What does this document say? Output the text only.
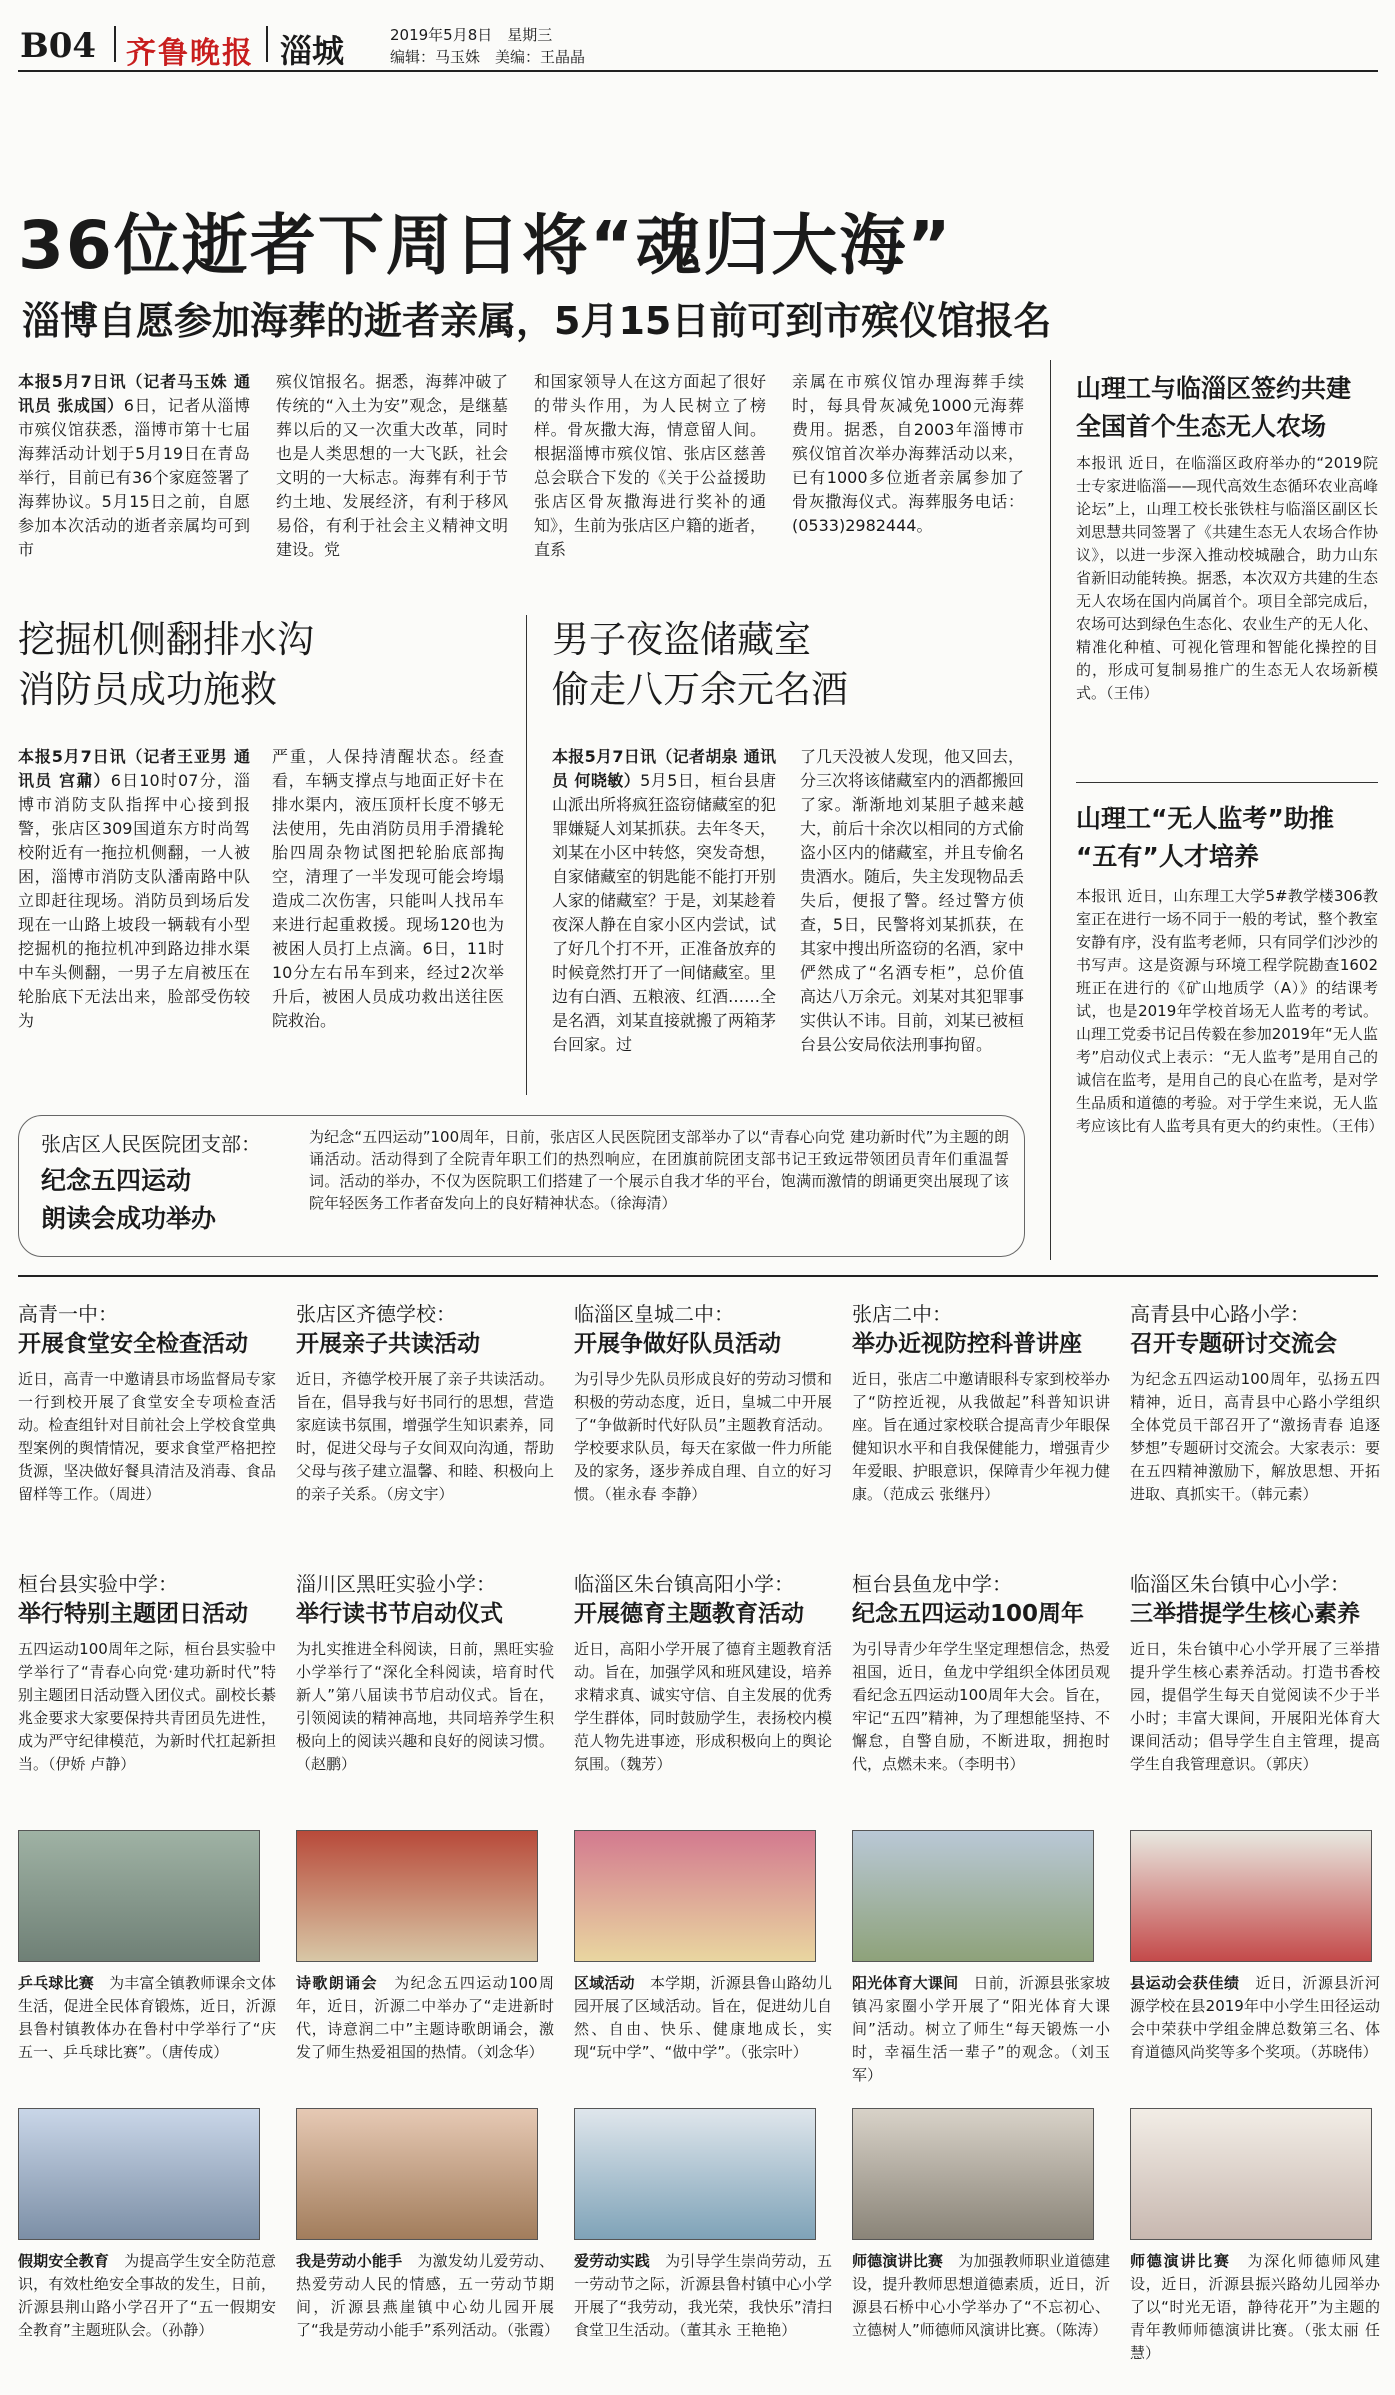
B04 齐鲁晚报 淄城	2019年5月8日　 星期三
编辑：马玉姝　 美编：王晶晶
36位逝者下周日将“魂归大海”
淄博自愿参加海葬的逝者亲属，5月15日前可到市殡仪馆报名
本报5月7日讯（记者马玉姝 通讯员 张成国）6日，记者从淄博市殡仪馆获悉，淄博市第十七届海葬活动计划于5月19日在青岛举行，目前已有36个家庭签署了海葬协议。5月15日之前，自愿参加本次活动的逝者亲属均可到市
殡仪馆报名。据悉，海葬冲破了传统的“入土为安”观念，是继墓葬以后的又一次重大改革，同时也是人类思想的一大飞跃，社会文明的一大标志。海葬有利于节约土地、发展经济，有利于移风易俗，有利于社会主义精神文明建设。党
和国家领导人在这方面起了很好的带头作用，为人民树立了榜样。骨灰撒大海，情意留人间。根据淄博市殡仪馆、张店区慈善总会联合下发的《关于公益援助张店区骨灰撒海进行奖补的通知》，生前为张店区户籍的逝者，直系
亲属在市殡仪馆办理海葬手续时，每具骨灰减免1000元海葬费用。据悉，自2003年淄博市殡仪馆首次举办海葬活动以来，已有1000多位逝者亲属参加了骨灰撒海仪式。海葬服务电话：(0533)2982444。
挖掘机侧翻排水沟
消防员成功施救
本报5月7日讯（记者王亚男 通讯员 宫鼐）6日10时07分，淄博市消防支队指挥中心接到报警，张店区309国道东方时尚驾校附近有一拖拉机侧翻，一人被困，淄博市消防支队潘南路中队立即赶往现场。消防员到场后发现在一山路上坡段一辆载有小型挖掘机的拖拉机冲到路边排水渠中车头侧翻，一男子左肩被压在轮胎底下无法出来，脸部受伤较为
严重，人保持清醒状态。经查看，车辆支撑点与地面正好卡在排水渠内，液压顶杆长度不够无法使用，先由消防员用手滑撬轮胎四周杂物试图把轮胎底部掏空，清理了一半发现可能会垮塌造成二次伤害，只能叫人找吊车来进行起重救援。现场120也为被困人员打上点滴。6日，11时10分左右吊车到来，经过2次举升后，被困人员成功救出送往医院救治。
男子夜盗储藏室
偷走八万余元名酒
本报5月7日讯（记者胡泉 通讯员 何晓敏）5月5日，桓台县唐山派出所将疯狂盗窃储藏室的犯罪嫌疑人刘某抓获。去年冬天，刘某在小区中转悠，突发奇想，自家储藏室的钥匙能不能打开别人家的储藏室？于是，刘某趁着夜深人静在自家小区内尝试，试了好几个打不开，正准备放弃的时候竟然打开了一间储藏室。里边有白酒、五粮液、红酒……全是名酒，刘某直接就搬了两箱茅台回家。过
了几天没被人发现，他又回去，分三次将该储藏室内的酒都搬回了家。渐渐地刘某胆子越来越大，前后十余次以相同的方式偷盗小区内的储藏室，并且专偷名贵酒水。随后，失主发现物品丢失后，便报了警。经过警方侦查，5日，民警将刘某抓获，在其家中搜出所盗窃的名酒，家中俨然成了“名酒专柜”，总价值高达八万余元。刘某对其犯罪事实供认不讳。目前，刘某已被桓台县公安局依法刑事拘留。
山理工与临淄区签约共建
全国首个生态无人农场
本报讯 近日，在临淄区政府举办的“2019院士专家进临淄——现代高效生态循环农业高峰论坛”上，山理工校长张铁柱与临淄区副区长刘思慧共同签署了《共建生态无人农场合作协议》，以进一步深入推动校城融合，助力山东省新旧动能转换。据悉，本次双方共建的生态无人农场在国内尚属首个。项目全部完成后，农场可达到绿色生态化、农业生产的无人化、精准化种植、可视化管理和智能化操控的目的，形成可复制易推广的生态无人农场新模式。（王伟）
山理工“无人监考”助推
“五有”人才培养
本报讯 近日，山东理工大学5#教学楼306教室正在进行一场不同于一般的考试，整个教室安静有序，没有监考老师，只有同学们沙沙的书写声。这是资源与环境工程学院勘查1602班正在进行的《矿山地质学（A）》的结课考试，也是2019年学校首场无人监考的考试。山理工党委书记吕传毅在参加2019年“无人监考”启动仪式上表示：“无人监考”是用自己的诚信在监考，是用自己的良心在监考，是对学生品质和道德的考验。对于学生来说，无人监考应该比有人监考具有更大的约束性。（王伟）
张店区人民医院团支部：
纪念五四运动
朗读会成功举办
为纪念“五四运动”100周年，日前，张店区人民医院团支部举办了以“青春心向党 建功新时代”为主题的朗诵活动。活动得到了全院青年职工们的热烈响应，在团旗前院团支部书记王致远带领团员青年们重温誓词。活动的举办，不仅为医院职工们搭建了一个展示自我才华的平台，饱满而激情的朗诵更突出展现了该院年轻医务工作者奋发向上的良好精神状态。（徐海清）

高青一中：

开展食堂安全检查活动

近日，高青一中邀请县市场监督局专家一行到校开展了食堂安全专项检查活动。检查组针对目前社会上学校食堂典型案例的舆情情况，要求食堂严格把控货源，坚决做好餐具清洁及消毒、食品留样等工作。（周进）

张店区齐德学校：

开展亲子共读活动

近日，齐德学校开展了亲子共读活动。旨在，倡导我与好书同行的思想，营造家庭读书氛围，增强学生知识素养，同时，促进父母与子女间双向沟通，帮助父母与孩子建立温馨、和睦、积极向上的亲子关系。（房文宇）

临淄区皇城二中：

开展争做好队员活动

为引导少先队员形成良好的劳动习惯和积极的劳动态度，近日，皇城二中开展了“争做新时代好队员”主题教育活动。学校要求队员，每天在家做一件力所能及的家务，逐步养成自理、自立的好习惯。（崔永春 李静）

张店二中：

举办近视防控科普讲座

近日，张店二中邀请眼科专家到校举办了“防控近视，从我做起”科普知识讲座。旨在通过家校联合提高青少年眼保健知识水平和自我保健能力，增强青少年爱眼、护眼意识，保障青少年视力健康。（范成云 张继丹）

高青县中心路小学：

召开专题研讨交流会

为纪念五四运动100周年，弘扬五四精神，近日，高青县中心路小学组织全体党员干部召开了“激扬青春 追逐梦想”专题研讨交流会。大家表示：要在五四精神激励下，解放思想、开拓进取、真抓实干。（韩元素）

桓台县实验中学：

举行特别主题团日活动

五四运动100周年之际，桓台县实验中学举行了“青春心向党·建功新时代”特别主题团日活动暨入团仪式。副校长綦兆金要求大家要保持共青团员先进性，成为严守纪律模范，为新时代扛起新担当。（伊娇 卢静）

淄川区黑旺实验小学：

举行读书节启动仪式

为扎实推进全科阅读，日前，黑旺实验小学举行了“深化全科阅读，培育时代新人”第八届读书节启动仪式。旨在，引领阅读的精神高地，共同培养学生积极向上的阅读兴趣和良好的阅读习惯。（赵鹏）

临淄区朱台镇高阳小学：

开展德育主题教育活动

近日，高阳小学开展了德育主题教育活动。旨在，加强学风和班风建设，培养求精求真、诚实守信、自主发展的优秀学生群体，同时鼓励学生，表扬校内模范人物先进事迹，形成积极向上的舆论氛围。（魏芳）

桓台县鱼龙中学：

纪念五四运动100周年

为引导青少年学生坚定理想信念，热爱祖国，近日，鱼龙中学组织全体团员观看纪念五四运动100周年大会。旨在，牢记“五四”精神，为了理想能坚持、不懈怠，自警自励，不断进取，拥抱时代，点燃未来。（李明书）

临淄区朱台镇中心小学：

三举措提学生核心素养

近日，朱台镇中心小学开展了三举措提升学生核心素养活动。打造书香校园，提倡学生每天自觉阅读不少于半小时；丰富大课间，开展阳光体育大课间活动；倡导学生自主管理，提高学生自我管理意识。（郭庆）

乒乓球比赛　 为丰富全镇教师课余文体生活，促进全民体育锻炼，近日，沂源县鲁村镇教体办在鲁村中学举行了“庆五一、乒乓球比赛”。（唐传成）
诗歌朗诵会　 为纪念五四运动100周年，近日，沂源二中举办了“走进新时代，诗意润二中”主题诗歌朗诵会，激发了师生热爱祖国的热情。（刘念华）
区域活动　 本学期，沂源县鲁山路幼儿园开展了区域活动。旨在，促进幼儿自然、自由、快乐、健康地成长，实现“玩中学”、“做中学”。（张宗叶）
阳光体育大课间　 日前，沂源县张家坡镇冯家圈小学开展了“阳光体育大课间”活动。树立了师生“每天锻炼一小时，幸福生活一辈子”的观念。（刘玉军）
县运动会获佳绩　 近日，沂源县沂河源学校在县2019年中小学生田径运动会中荣获中学组金牌总数第三名、体育道德风尚奖等多个奖项。（苏晓伟）
假期安全教育　 为提高学生安全防范意识，有效杜绝安全事故的发生，日前，沂源县荆山路小学召开了“五一假期安全教育”主题班队会。（孙静）
我是劳动小能手　 为激发幼儿爱劳动、热爱劳动人民的情感，五一劳动节期间，沂源县燕崖镇中心幼儿园开展了“我是劳动小能手”系列活动。（张霞）
爱劳动实践　 为引导学生崇尚劳动，五一劳动节之际，沂源县鲁村镇中心小学开展了“我劳动，我光荣，我快乐”清扫食堂卫生活动。（董其永 王艳艳）
师德演讲比赛　 为加强教师职业道德建设，提升教师思想道德素质，近日，沂源县石桥中心小学举办了“不忘初心、立德树人”师德师风演讲比赛。（陈涛）
师德演讲比赛　 为深化师德师风建设，近日，沂源县振兴路幼儿园举办了以“时光无语，静待花开”为主题的青年教师师德演讲比赛。（张太丽 任慧）
